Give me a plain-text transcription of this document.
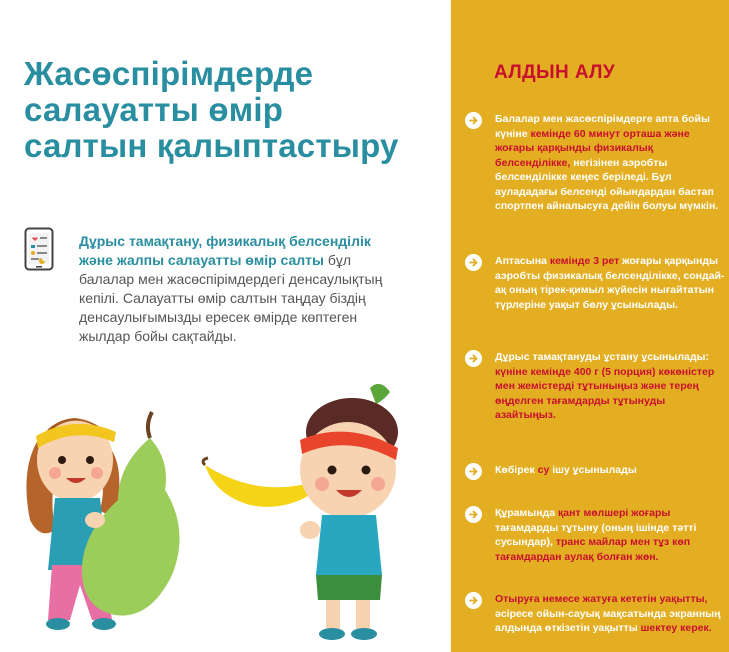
Жасөспірімдерде
салауатты өмір
салтын қалыптастыру

Дұрыс тамақтану, физикалық белсенділік және жалпы салауатты өмір салты бұл балалар мен жасөспірімдердегі денсаулықтың кепілі. Салауатты өмір салтын таңдау біздің денсаулығымызды ересек өмірде көптеген жылдар бойы сақтайды.

АЛДЫН АЛУ

Балалар мен жасөспірімдерге апта бойы күніне кемінде 60 минут орташа және жоғары қарқынды физикалық белсенділікке, негізінен аэробты белсенділікке кеңес беріледі. Бұл аулададағы белсенді ойындардан бастап спортпен айналысуға дейін болуы мүмкін.

Аптасына кемінде 3 рет жоғары қарқынды аэробты физикалық белсенділікке, сондай-ақ оның тірек-қимыл жүйесін нығайтатын түрлеріне уақыт бөлу ұсынылады.

Дұрыс тамақтануды ұстану ұсынылады: күніне кемінде 400 г (5 порция) көкөністер мен жемістерді тұтыныңыз және терең өңделген тағамдарды тұтынуды азайтыңыз.

Көбірек су ішу ұсынылады

Құрамында қант мөлшері жоғары тағамдарды тұтыну (оның ішінде тәтті сусындар), транс майлар мен тұз көп тағамдардан аулақ болған жөн.

Отыруға немесе жатуға кететін уақытты, әсіресе ойын-сауық мақсатында экранның алдында өткізетін уақытты шектеу керек.
